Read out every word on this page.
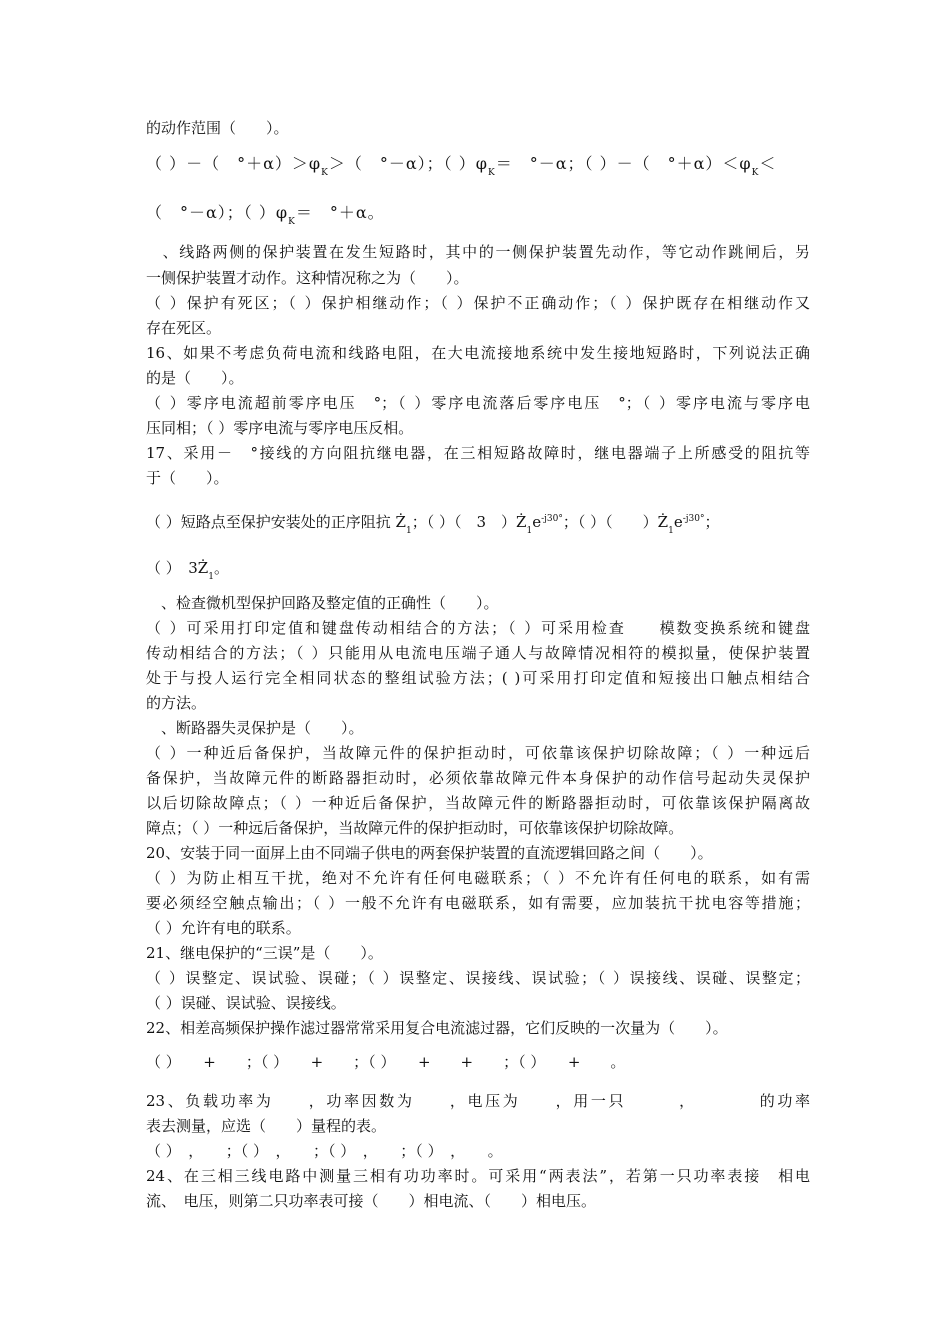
的动作范围（　　）。
（ ）－（　$^\circ+\alpha)>\varphi_K>$（　°－α）；（ ）$\varphi_K=$　°－α；（ ）－（　$^\circ+\alpha)<\varphi_K<$
（　°－α）；（ ）$\varphi_K=$　°＋α。
　、线路两侧的保护装置在发生短路时，其中的一侧保护装置先动作，等它动作跳闸后，另
一侧保护装置才动作。这种情况称之为（　　）。
（ ）保护有死区；（ ）保护相继动作；（ ）保护不正确动作；（ ）保护既存在相继动作又
存在死区。
16、如果不考虑负荷电流和线路电阻，在大电流接地系统中发生接地短路时，下列说法正确
的是（　　）。
（ ）零序电流超前零序电压　°；（ ）零序电流落后零序电压　°；（ ）零序电流与零序电
压同相；（ ）零序电流与零序电压反相。
17、采用－　°接线的方向阻抗继电器，在三相短路故障时，继电器端子上所感受的阻抗等
于（　　）。
（ ）短路点至保护安装处的正序阻抗 $Ż_1$；（ ）（　3　）$Ż_1e^{-j30^\circ}$；（ ）（　　）$Ż_1e^{-j30^\circ}$；
（ ）　$3Ż_1$。
　、检查微机型保护回路及整定值的正确性（　　）。
（ ）可采用打印定值和键盘传动相结合的方法；（ ）可采用检查　　模数变换系统和键盘
传动相结合的方法；（ ）只能用从电流电压端子通人与故障情况相符的模拟量，使保护装置
处于与投人运行完全相同状态的整组试验方法；( )可采用打印定值和短接出口触点相结合
的方法。
　、断路器失灵保护是（　　）。
（ ）一种近后备保护，当故障元件的保护拒动时，可依靠该保护切除故障；（ ）一种远后
备保护，当故障元件的断路器拒动时，必须依靠故障元件本身保护的动作信号起动失灵保护
以后切除故障点；（ ）一种近后备保护，当故障元件的断路器拒动时，可依靠该保护隔离故
障点；（ ）一种远后备保护，当故障元件的保护拒动时，可依靠该保护切除故障。
20、安装于同一面屏上由不同端子供电的两套保护装置的直流逻辑回路之间（　　）。
（ ）为防止相互干扰，绝对不允许有任何电磁联系；（ ）不允许有任何电的联系，如有需
要必须经空触点输出；（ ）一般不允许有电磁联系，如有需要，应加装抗干扰电容等措施；
（ ）允许有电的联系。
21、继电保护的“三误”是（　　）。
（ ）误整定、误试验、误碰；（ ）误整定、误接线、误试验；（ ）误接线、误碰、误整定；
（ ）误碰、误试验、误接线。
22、相差高频保护操作滤过器常常采用复合电流滤过器，它们反映的一次量为（　　）。
（ ）　　+　　；（ ）　　+　　；（ ）　　+　　+　　；（ ）　　+　　。
23、负载功率为　　，功率因数为　　，电压为　　，用一只　　　，　　　　的功率
表去测量，应选（　　）量程的表。
（ ）　，　　；（ ）　，　　；（ ）　，　　；（ ）　，　　。
24、在三相三线电路中测量三相有功功率时。可采用“两表法”，若第一只功率表接　相电
流、　电压，则第二只功率表可接（　　）相电流、（　　）相电压。
